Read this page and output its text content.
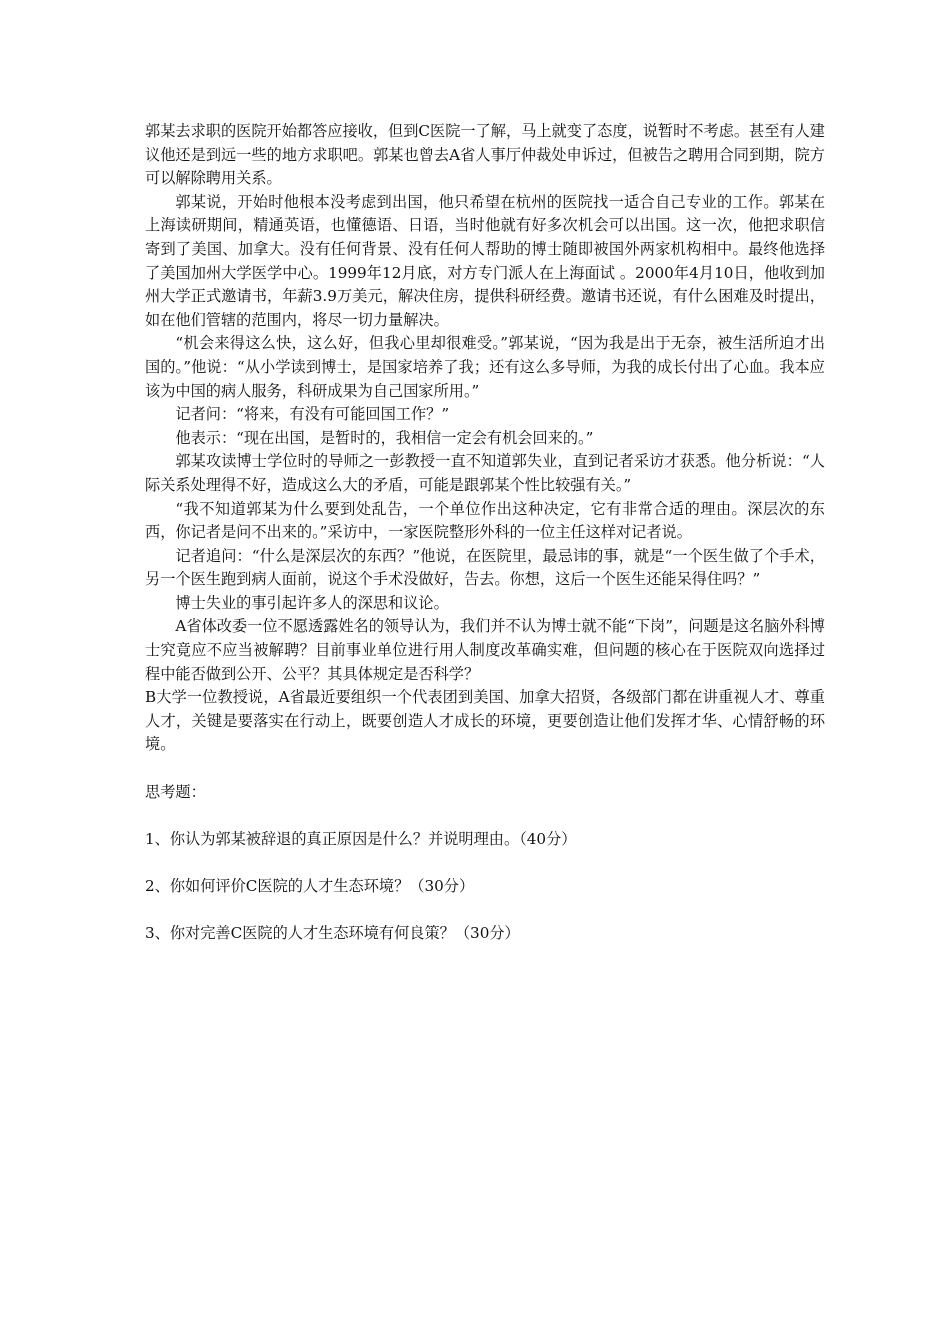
郭某去求职的医院开始都答应接收，但到C医院一了解，马上就变了态度，说暂时不考虑。甚至有人建议他还是到远一些的地方求职吧。郭某也曾去A省人事厅仲裁处申诉过，但被告之聘用合同到期，院方可以解除聘用关系。

郭某说，开始时他根本没考虑到出国，他只希望在杭州的医院找一适合自己专业的工作。郭某在上海读研期间，精通英语，也懂德语、日语，当时他就有好多次机会可以出国。这一次，他把求职信寄到了美国、加拿大。没有任何背景、没有任何人帮助的博士随即被国外两家机构相中。最终他选择了美国加州大学医学中心。1999年12月底，对方专门派人在上海面试 。2000年4月10日，他收到加州大学正式邀请书，年薪3.9万美元，解决住房，提供科研经费。邀请书还说，有什么困难及时提出，如在他们管辖的范围内，将尽一切力量解决。

“机会来得这么快，这么好，但我心里却很难受。”郭某说，“因为我是出于无奈，被生活所迫才出国的。”他说：“从小学读到博士，是国家培养了我；还有这么多导师，为我的成长付出了心血。我本应该为中国的病人服务，科研成果为自己国家所用。”

记者问：“将来，有没有可能回国工作？”

他表示：“现在出国，是暂时的，我相信一定会有机会回来的。”

郭某攻读博士学位时的导师之一彭教授一直不知道郭失业，直到记者采访才获悉。他分析说：“人际关系处理得不好，造成这么大的矛盾，可能是跟郭某个性比较强有关。”

“我不知道郭某为什么要到处乱告，一个单位作出这种决定，它有非常合适的理由。深层次的东西，你记者是问不出来的。”采访中，一家医院整形外科的一位主任这样对记者说。

记者追问：“什么是深层次的东西？”他说，在医院里，最忌讳的事，就是“一个医生做了个手术，另一个医生跑到病人面前，说这个手术没做好，告去。你想，这后一个医生还能呆得住吗？”

博士失业的事引起许多人的深思和议论。

A省体改委一位不愿透露姓名的领导认为，我们并不认为博士就不能“下岗”，问题是这名脑外科博士究竟应不应当被解聘？目前事业单位进行用人制度改革确实难，但问题的核心在于医院双向选择过程中能否做到公开、公平？其具体规定是否科学？

B大学一位教授说，A省最近要组织一个代表团到美国、加拿大招贤，各级部门都在讲重视人才、尊重人才，关键是要落实在行动上，既要创造人才成长的环境，更要创造让他们发挥才华、心情舒畅的环境。

思考题：

1、你认为郭某被辞退的真正原因是什么？并说明理由。（40分）

2、你如何评价C医院的人才生态环境？（30分）

3、你对完善C医院的人才生态环境有何良策？（30分）
